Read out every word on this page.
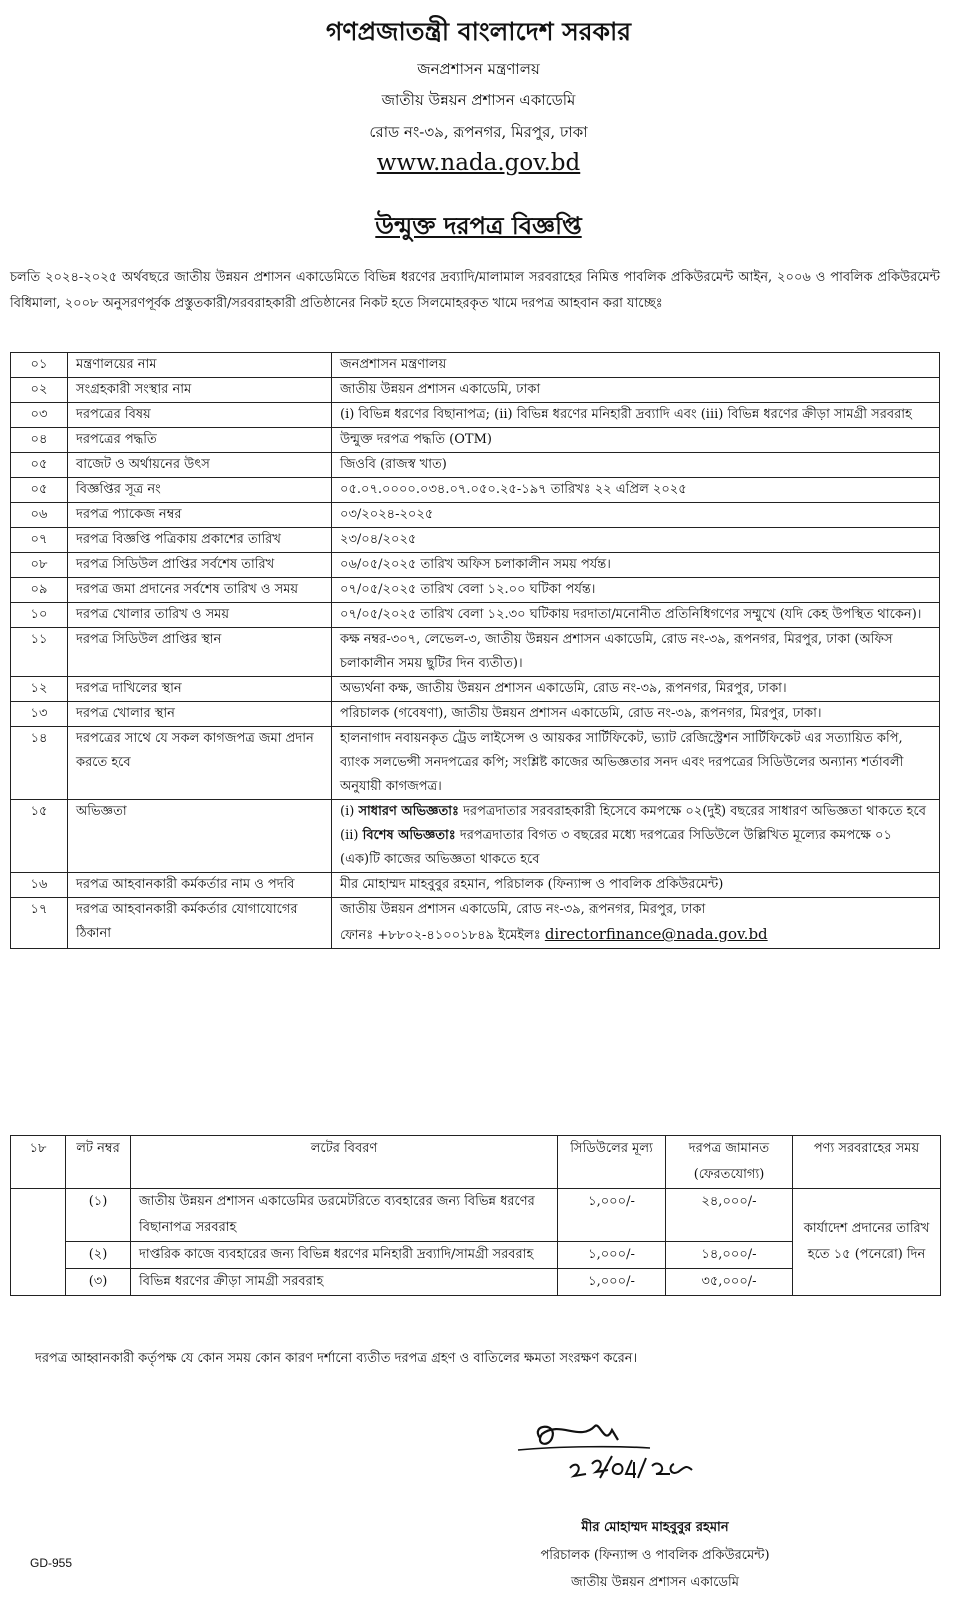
গণপ্রজাতন্ত্রী বাংলাদেশ সরকার
জনপ্রশাসন মন্ত্রণালয়
জাতীয় উন্নয়ন প্রশাসন একাডেমি
রোড নং-৩৯, রূপনগর, মিরপুর, ঢাকা
www.nada.gov.bd
উন্মুক্ত দরপত্র বিজ্ঞপ্তি
চলতি ২০২৪-২০২৫ অর্থবছরে জাতীয় উন্নয়ন প্রশাসন একাডেমিতে বিভিন্ন ধরণের দ্রব্যাদি/মালামাল সরবরাহের নিমিত্ত পাবলিক প্রকিউরমেন্ট আইন, ২০০৬ ও পাবলিক প্রকিউরমেন্ট বিধিমালা, ২০০৮ অনুসরণপূর্বক প্রস্তুতকারী/সরবরাহকারী প্রতিষ্ঠানের নিকট হতে সিলমোহরকৃত খামে দরপত্র আহবান করা যাচ্ছেঃ
০১	মন্ত্রণালয়ের নাম	জনপ্রশাসন মন্ত্রণালয়
০২	সংগ্রহকারী সংস্থার নাম	জাতীয় উন্নয়ন প্রশাসন একাডেমি, ঢাকা
০৩	দরপত্রের বিষয়	(i) বিভিন্ন ধরণের বিছানাপত্র; (ii) বিভিন্ন ধরণের মনিহারী দ্রব্যাদি এবং (iii) বিভিন্ন ধরণের ক্রীড়া সামগ্রী সরবরাহ
০৪	দরপত্রের পদ্ধতি	উন্মুক্ত দরপত্র পদ্ধতি (OTM)
০৫	বাজেট ও অর্থায়নের উৎস	জিওবি (রাজস্ব খাত)
০৫	বিজ্ঞপ্তির সূত্র নং	০৫.০৭.০০০০.০৩৪.০৭.০৫০.২৫-১৯৭ তারিখঃ ২২ এপ্রিল ২০২৫
০৬	দরপত্র প্যাকেজ নম্বর	০৩/২০২৪-২০২৫
০৭	দরপত্র বিজ্ঞপ্তি পত্রিকায় প্রকাশের তারিখ	২৩/০৪/২০২৫
০৮	দরপত্র সিডিউল প্রাপ্তির সর্বশেষ তারিখ	০৬/০৫/২০২৫ তারিখ অফিস চলাকালীন সময় পর্যন্ত।
০৯	দরপত্র জমা প্রদানের সর্বশেষ তারিখ ও সময়	০৭/০৫/২০২৫ তারিখ বেলা ১২.০০ ঘটিকা পর্যন্ত।
১০	দরপত্র খোলার তারিখ ও সময়	০৭/০৫/২০২৫ তারিখ বেলা ১২.৩০ ঘটিকায় দরদাতা/মনোনীত প্রতিনিধিগণের সম্মুখে (যদি কেহ উপস্থিত থাকেন)।
১১	দরপত্র সিডিউল প্রাপ্তির স্থান	কক্ষ নম্বর-৩০৭, লেভেল-৩, জাতীয় উন্নয়ন প্রশাসন একাডেমি, রোড নং-৩৯, রূপনগর, মিরপুর, ঢাকা (অফিস চলাকালীন সময় ছুটির দিন ব্যতীত)।
১২	দরপত্র দাখিলের স্থান	অভ্যর্থনা কক্ষ, জাতীয় উন্নয়ন প্রশাসন একাডেমি, রোড নং-৩৯, রূপনগর, মিরপুর, ঢাকা।
১৩	দরপত্র খোলার স্থান	পরিচালক (গবেষণা), জাতীয় উন্নয়ন প্রশাসন একাডেমি, রোড নং-৩৯, রূপনগর, মিরপুর, ঢাকা।
১৪	দরপত্রের সাথে যে সকল কাগজপত্র জমা প্রদান করতে হবে	হালনাগাদ নবায়নকৃত ট্রেড লাইসেন্স ও আয়কর সার্টিফিকেট, ভ্যাট রেজিস্ট্রেশন সার্টিফিকেট এর সত্যায়িত কপি, ব্যাংক সলভেন্সী সনদপত্রের কপি; সংশ্লিষ্ট কাজের অভিজ্ঞতার সনদ এবং দরপত্রের সিডিউলের অন্যান্য শর্তাবলী অনুযায়ী কাগজপত্র।
১৫	অভিজ্ঞতা	(i) সাধারণ অভিজ্ঞতাঃ দরপত্রদাতার সরবরাহকারী হিসেবে কমপক্ষে ০২(দুই) বছরের সাধারণ অভিজ্ঞতা থাকতে হবে
(ii) বিশেষ অভিজ্ঞতাঃ দরপত্রদাতার বিগত ৩ বছরের মধ্যে দরপত্রের সিডিউলে উল্লিখিত মূল্যের কমপক্ষে ০১ (এক)টি কাজের অভিজ্ঞতা থাকতে হবে

১৬	দরপত্র আহবানকারী কর্মকর্তার নাম ও পদবি	মীর মোহাম্মদ মাহবুবুর রহমান, পরিচালক (ফিন্যান্স ও পাবলিক প্রকিউরমেন্ট)
১৭	দরপত্র আহবানকারী কর্মকর্তার যোগাযোগের ঠিকানা	জাতীয় উন্নয়ন প্রশাসন একাডেমি, রোড নং-৩৯, রূপনগর, মিরপুর, ঢাকা
ফোনঃ +৮৮০২-৪১০০১৮৪৯ ইমেইলঃ directorfinance@nada.gov.bd
১৮	লট নম্বর	লটের বিবরণ	সিডিউলের মূল্য	দরপত্র জামানত (ফেরতযোগ্য)	পণ্য সরবরাহের সময়
	(১)	জাতীয় উন্নয়ন প্রশাসন একাডেমির ডরমেটরিতে ব্যবহারের জন্য বিভিন্ন ধরণের বিছানাপত্র সরবরাহ	১,০০০/-	২৪,০০০/-	কার্যাদেশ প্রদানের তারিখ হতে ১৫ (পনেরো) দিন
	(২)	দাপ্তরিক কাজে ব্যবহারের জন্য বিভিন্ন ধরণের মনিহারী দ্রব্যাদি/সামগ্রী সরবরাহ	১,০০০/-	১৪,০০০/-	
	(৩)	বিভিন্ন ধরণের ক্রীড়া সামগ্রী সরবরাহ	১,০০০/-	৩৫,০০০/-	
দরপত্র আহ্বানকারী কর্তৃপক্ষ যে কোন সময় কোন কারণ দর্শানো ব্যতীত দরপত্র গ্রহণ ও বাতিলের ক্ষমতা সংরক্ষণ করেন।
মীর মোহাম্মদ মাহবুবুর রহমান
পরিচালক (ফিন্যান্স ও পাবলিক প্রকিউরমেন্ট)
জাতীয় উন্নয়ন প্রশাসন একাডেমি
GD-955
